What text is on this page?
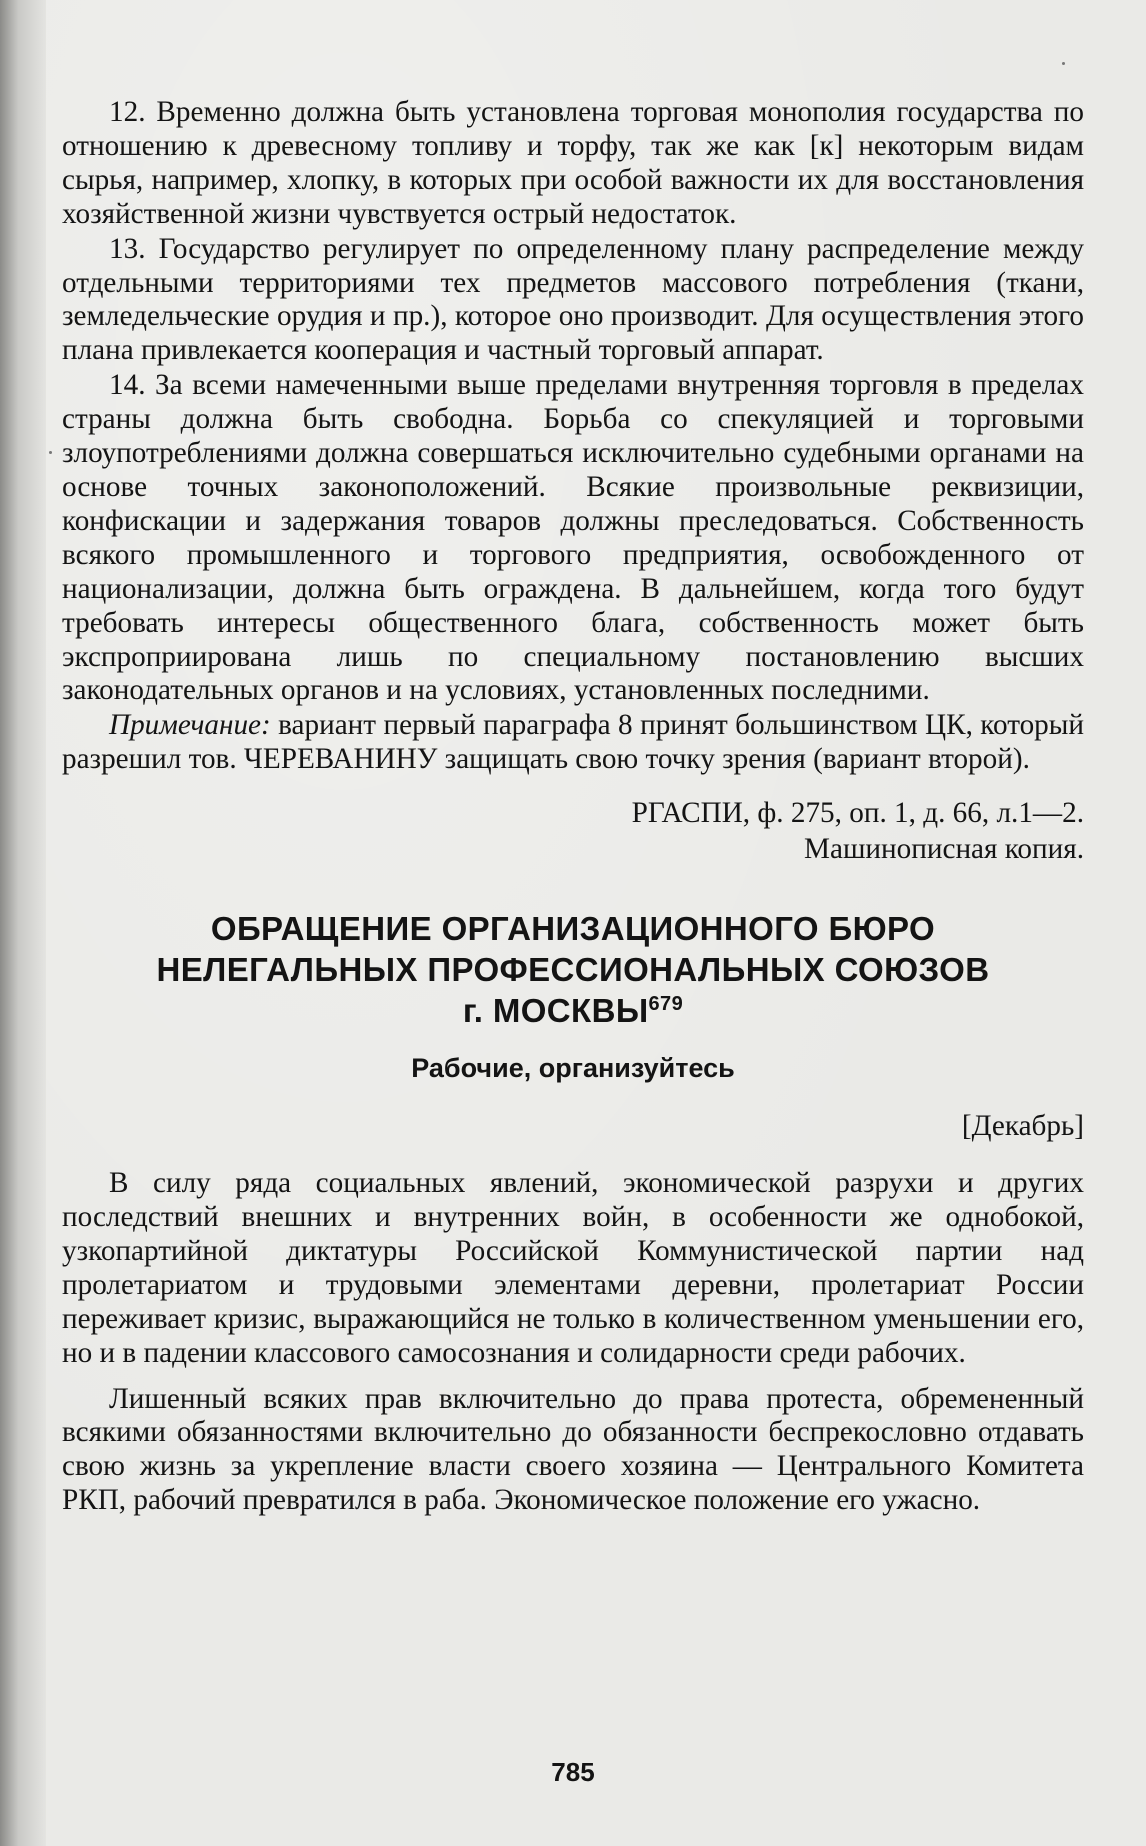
12. Временно должна быть установлена торговая монополия государства по отношению к древесному топливу и торфу, так же как [к] некоторым видам сырья, например, хлопку, в которых при особой важности их для восстановления хозяйственной жизни чувствуется острый недостаток.

13. Государство регулирует по определенному плану распределение между отдельными территориями тех предметов массового потребления (ткани, земледельческие орудия и пр.), которое оно производит. Для осуществления этого плана привлекается кооперация и частный торговый аппарат.

14. За всеми намеченными выше пределами внутренняя торговля в пределах страны должна быть свободна. Борьба со спекуляцией и торговыми злоупотреблениями должна совершаться исключительно судебными органами на основе точных законоположений. Всякие произвольные реквизиции, конфискации и задержания товаров должны преследоваться. Собственность всякого промышленного и торгового предприятия, освобожденного от национализации, должна быть ограждена. В дальнейшем, когда того будут требовать интересы общественного блага, собственность может быть экспроприирована лишь по специальному постановлению высших законодательных органов и на условиях, установленных последними.

Примечание: вариант первый параграфа 8 принят большинством ЦК, который разрешил тов. ЧЕРЕВАНИНУ защищать свою точку зрения (вариант второй).

РГАСПИ, ф. 275, оп. 1, д. 66, л.1—2.
Машинописная копия.
ОБРАЩЕНИЕ ОРГАНИЗАЦИОННОГО БЮРО
НЕЛЕГАЛЬНЫХ ПРОФЕССИОНАЛЬНЫХ СОЮЗОВ
г. МОСКВЫ$^{679}$
Рабочие, организуйтесь
[Декабрь]

В силу ряда социальных явлений, экономической разрухи и других последствий внешних и внутренних войн, в особенности же однобокой, узкопартийной диктатуры Российской Коммунистической партии над пролетариатом и трудовыми элементами деревни, пролетариат России переживает кризис, выражающийся не только в количественном уменьшении его, но и в падении классового самосознания и солидарности среди рабочих.

Лишенный всяких прав включительно до права протеста, обремененный всякими обязанностями включительно до обязанности беспрекословно отдавать свою жизнь за укрепление власти своего хозяина — Центрального Комитета РКП, рабочий превратился в раба. Экономическое положение его ужасно.

785
